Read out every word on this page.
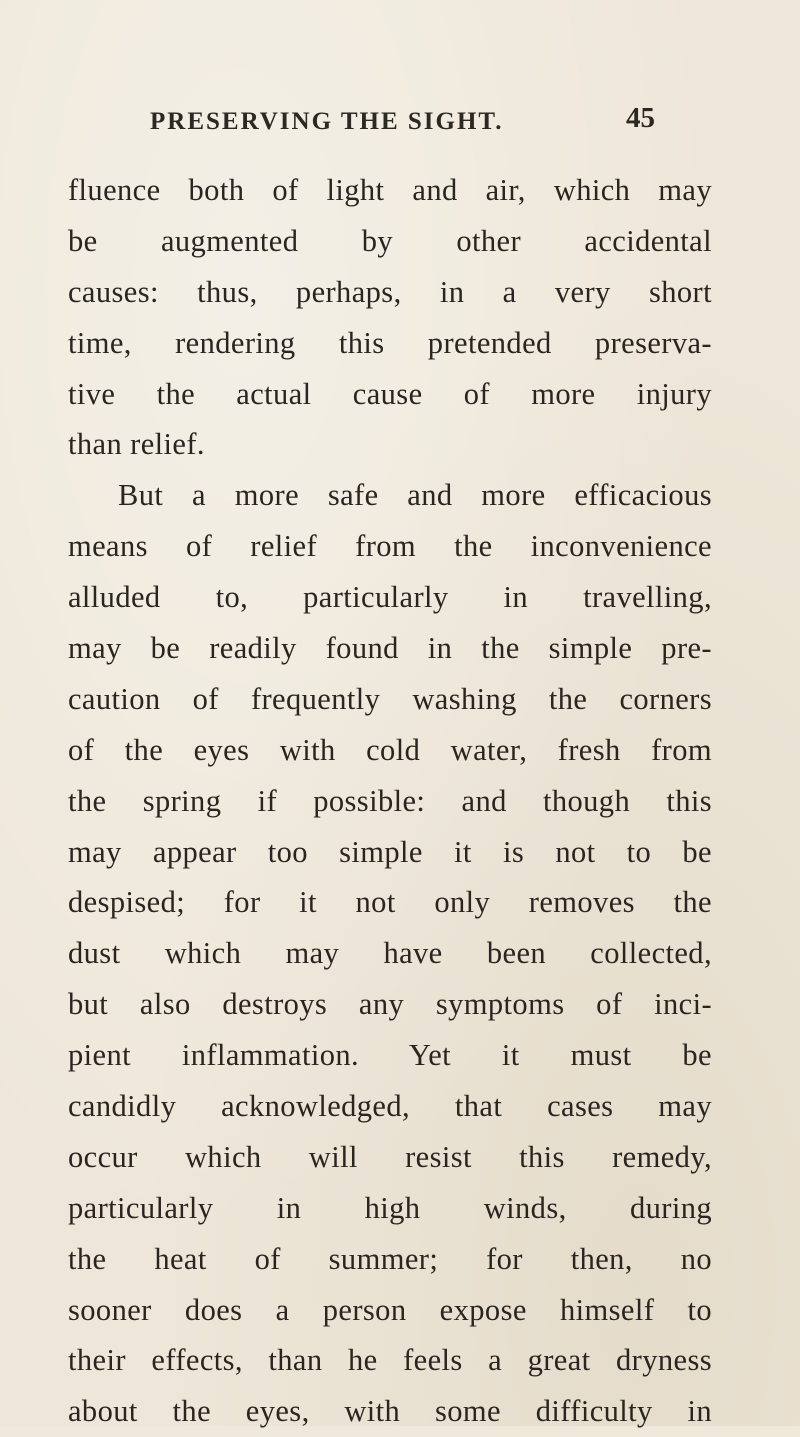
PRESERVING THE SIGHT.	45
fluence both of light and air, which may
be augmented by other accidental
causes: thus, perhaps, in a very short
time, rendering this pretended preserva-
tive the actual cause of more injury
than relief.
But a more safe and more efficacious
means of relief from the inconvenience
alluded to, particularly in travelling,
may be readily found in the simple pre-
caution of frequently washing the corners
of the eyes with cold water, fresh from
the spring if possible: and though this
may appear too simple it is not to be
despised; for it not only removes the
dust which may have been collected,
but also destroys any symptoms of inci-
pient inflammation. Yet it must be
candidly acknowledged, that cases may
occur which will resist this remedy,
particularly in high winds, during
the heat of summer; for then, no
sooner does a person expose himself to
their effects, than he feels a great dryness
about the eyes, with some difficulty in
